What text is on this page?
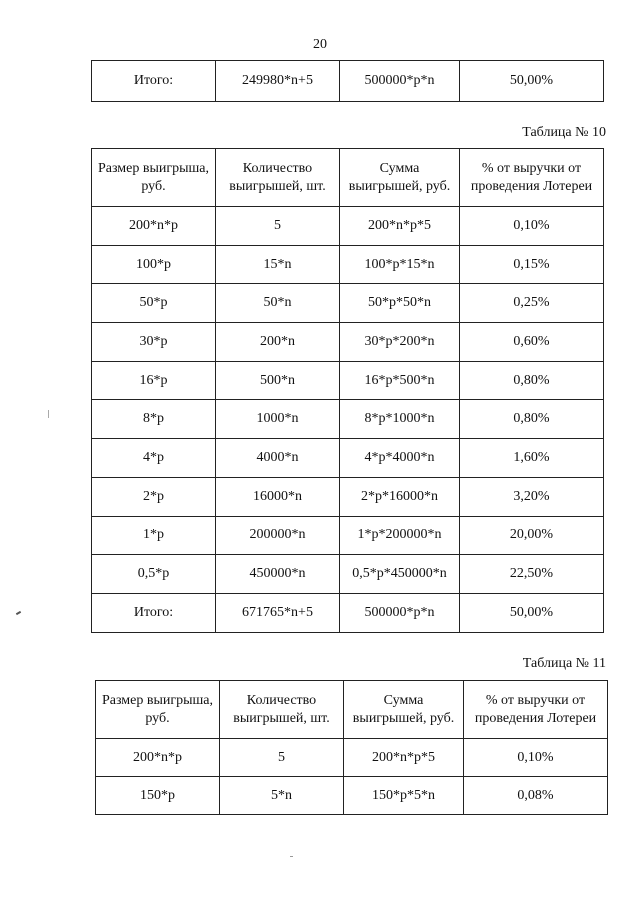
20
Итого:	249980*n+5	500000*p*n	50,00%
Таблица № 10
Размер выигрыша, руб.	Количество выигрышей, шт.	Сумма выигрышей, руб.	% от выручки от проведения Лотереи
200*n*p	5	200*n*p*5	0,10%
100*p	15*n	100*p*15*n	0,15%
50*p	50*n	50*p*50*n	0,25%
30*p	200*n	30*p*200*n	0,60%
16*p	500*n	16*p*500*n	0,80%
8*p	1000*n	8*p*1000*n	0,80%
4*p	4000*n	4*p*4000*n	1,60%
2*p	16000*n	2*p*16000*n	3,20%
1*p	200000*n	1*p*200000*n	20,00%
0,5*p	450000*n	0,5*p*450000*n	22,50%
Итого:	671765*n+5	500000*p*n	50,00%
Таблица № 11
Размер выигрыша, руб.	Количество выигрышей, шт.	Сумма выигрышей, руб.	% от выручки от проведения Лотереи
200*n*p	5	200*n*p*5	0,10%
150*p	5*n	150*p*5*n	0,08%
